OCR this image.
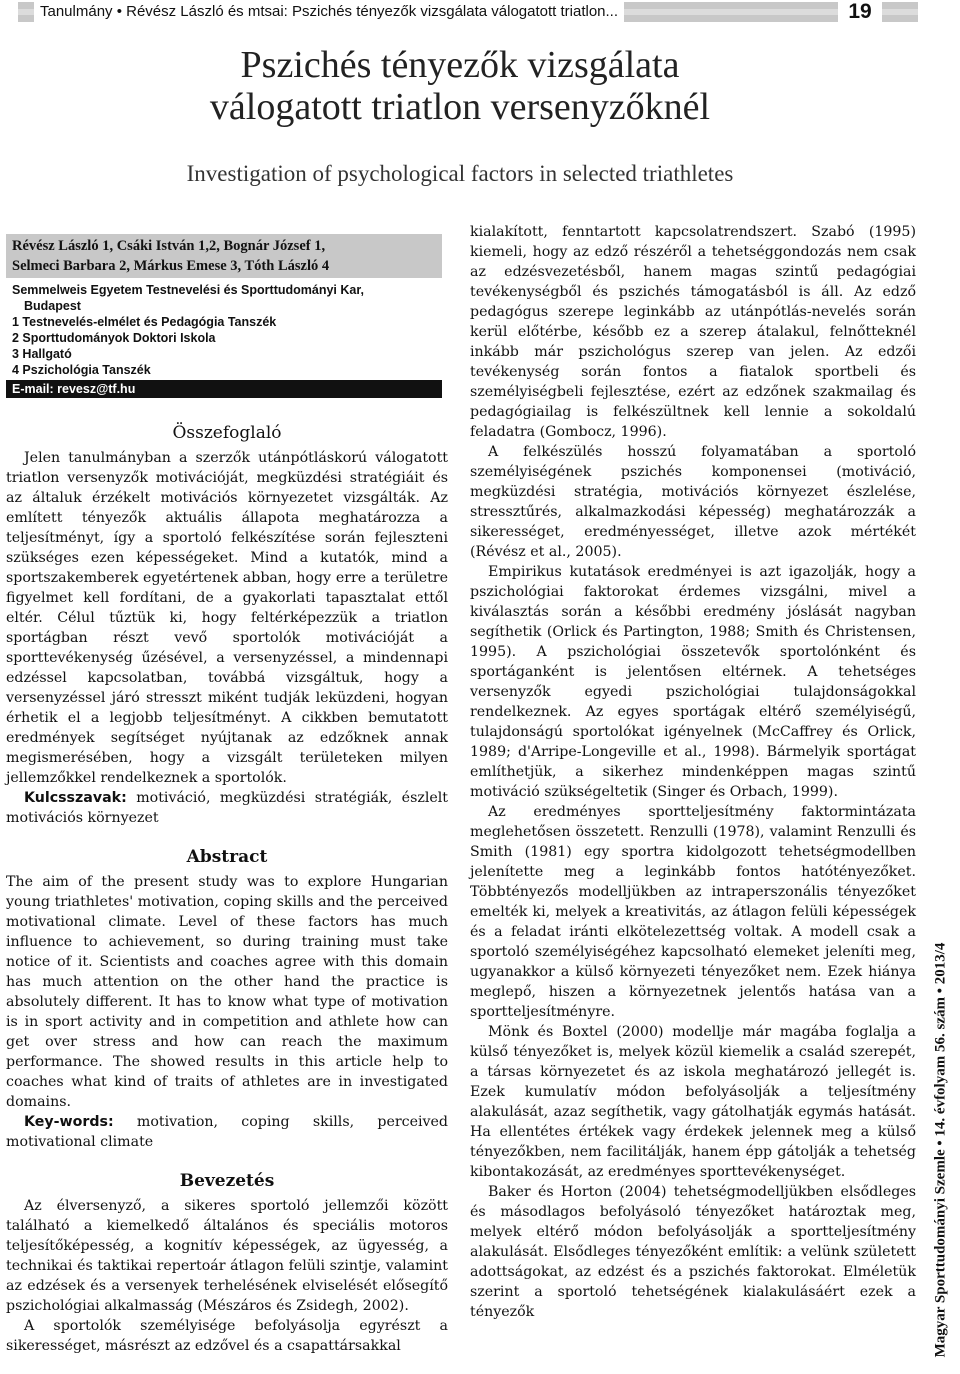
Tanulmány • Révész László és mtsai: Pszichés tényezők vizsgálata válogatott triatlon...	19
Pszichés tényezők vizsgálata
válogatott triatlon versenyzőknél
Investigation of psychological factors in selected triathletes
Révész László 1, Csáki István 1,2, Bognár József 1,
Selmeci Barbara 2, Márkus Emese 3, Tóth László 4
Semmelweis Egyetem Testnevelési és Sporttudományi Kar,
Budapest
1 Testnevelés-elmélet és Pedagógia Tanszék
2 Sporttudományok Doktori Iskola
3 Hallgató
4 Pszichológia Tanszék
E-mail: revesz@tf.hu
Összefoglaló

Jelen tanulmányban a szerzők utánpótláskorú válogatott triatlon versenyzők motivációját, megküzdési stratégiáit és az általuk érzékelt motivációs környezetet vizsgálták. Az említett tényezők aktuális állapota meghatározza a teljesítményt, így a sportoló felkészítése során fejleszteni szükséges ezen képességeket. Mind a kutatók, mind a sportszakemberek egyetértenek abban, hogy erre a területre figyelmet kell fordítani, de a gyakorlati tapasztalat ettől eltér. Célul tűztük ki, hogy feltérképezzük a triatlon sportágban részt vevő sportolók motivációját a sporttevékenység űzésével, a versenyzéssel, a mindennapi edzéssel kapcsolatban, továbbá vizsgáltuk, hogy a versenyzéssel járó stresszt miként tudják leküzdeni, hogyan érhetik el a legjobb teljesítményt. A cikkben bemutatott eredmények segítséget nyújtanak az edzőknek annak megismerésében, hogy a vizsgált területeken milyen jellemzőkkel rendelkeznek a sportolók.

Kulcsszavak: motiváció, megküzdési stratégiák, észlelt motivációs környezet

Abstract

The aim of the present study was to explore Hungarian young triathletes' motivation, coping skills and the perceived motivational climate. Level of these factors has much influence to achievement, so during training must take notice of it. Scientists and coaches agree with this domain has much attention on the other hand the practice is absolutely different. It has to know what type of motivation is in sport activity and in competition and athlete how can get over stress and how can reach the maximum performance. The showed results in this article help to coaches what kind of traits of athletes are in investigated domains.

Key-words: motivation, coping skills, perceived motivational climate

Bevezetés

Az élversenyző, a sikeres sportoló jellemzői között található a kiemelkedő általános és speciális motoros teljesítőképesség, a kognitív képességek, az ügyesség, a technikai és taktikai repertoár átlagon felüli szintje, valamint az edzések és a versenyek terhelésének elviselését elősegítő pszichológiai alkalmasság (Mészáros és Zsidegh, 2002).

A sportolók személyisége befolyásolja egyrészt a sikerességet, másrészt az edzővel és a csapattársakkal

kialakított, fenntartott kapcsolatrendszert. Szabó (1995) kiemeli, hogy az edző részéről a tehetséggondozás nem csak az edzésvezetésből, hanem magas szintű pedagógiai tevékenységből és pszichés támogatásból is áll. Az edző pedagógus szerepe leginkább az utánpótlás-nevelés során kerül előtérbe, később ez a szerep átalakul, felnőtteknél inkább már pszichológus szerep van jelen. Az edzői tevékenység során fontos a fiatalok sportbeli és személyiségbeli fejlesztése, ezért az edzőnek szakmailag és pedagógiailag is felkészültnek kell lennie a sokoldalú feladatra (Gombocz, 1996).

A felkészülés hosszú folyamatában a sportoló személyiségének pszichés komponensei (motiváció, megküzdési stratégia, motivációs környezet észlelése, stressztűrés, alkalmazkodási képesség) meghatározzák a sikerességet, eredményességet, illetve azok mértékét (Révész et al., 2005).

Empirikus kutatások eredményei is azt igazolják, hogy a pszichológiai faktorokat érdemes vizsgálni, mivel a kiválasztás során a későbbi eredmény jóslását nagyban segíthetik (Orlick és Partington, 1988; Smith és Christensen, 1995). A pszichológiai összetevők sportolónként és sportáganként is jelentősen eltérnek. A tehetséges versenyzők egyedi pszichológiai tulajdonságokkal rendelkeznek. Az egyes sportágak eltérő személyiségű, tulajdonságú sportolókat igényelnek (McCaffrey és Orlick, 1989; d'Arripe-Longeville et al., 1998). Bármelyik sportágat említhetjük, a sikerhez mindenképpen magas szintű motiváció szükségeltetik (Singer és Orbach, 1999).

Az eredményes sportteljesítmény faktormintázata meglehetősen összetett. Renzulli (1978), valamint Renzulli és Smith (1981) egy sportra kidolgozott tehetségmodellben jelenítette meg a leginkább fontos hatótényezőket. Többtényezős modelljükben az intraperszonális tényezőket emelték ki, melyek a kreativitás, az átlagon felüli képességek és a feladat iránti elkötelezettség voltak. A modell csak a sportoló személyiségéhez kapcsolható elemeket jeleníti meg, ugyanakkor a külső környezeti tényezőket nem. Ezek hiánya meglepő, hiszen a környezetnek jelentős hatása van a sportteljesítményre.

Mönk és Boxtel (2000) modellje már magába foglalja a külső tényezőket is, melyek közül kiemelik a család szerepét, a társas környezetet és az iskola meghatározó jellegét is. Ezek kumulatív módon befolyásolják a teljesítmény alakulását, azaz segíthetik, vagy gátolhatják egymás hatását. Ha ellentétes értékek vagy érdekek jelennek meg a külső tényezőkben, nem facilitálják, hanem épp gátolják a tehetség kibontakozását, az eredményes sporttevékenységet.

Baker és Horton (2004) tehetségmodelljükben elsődleges és másodlagos befolyásoló tényezőket határoztak meg, melyek eltérő módon befolyásolják a sportteljesítmény alakulását. Elsődleges tényezőként említik: a velünk született adottságokat, az edzést és a pszichés faktorokat. Elméletük szerint a sportoló tehetségének kialakulásáért ezek a tényezők	Magyar Sporttudományi Szemle • 14. évfolyam 56. szám • 2013/4
